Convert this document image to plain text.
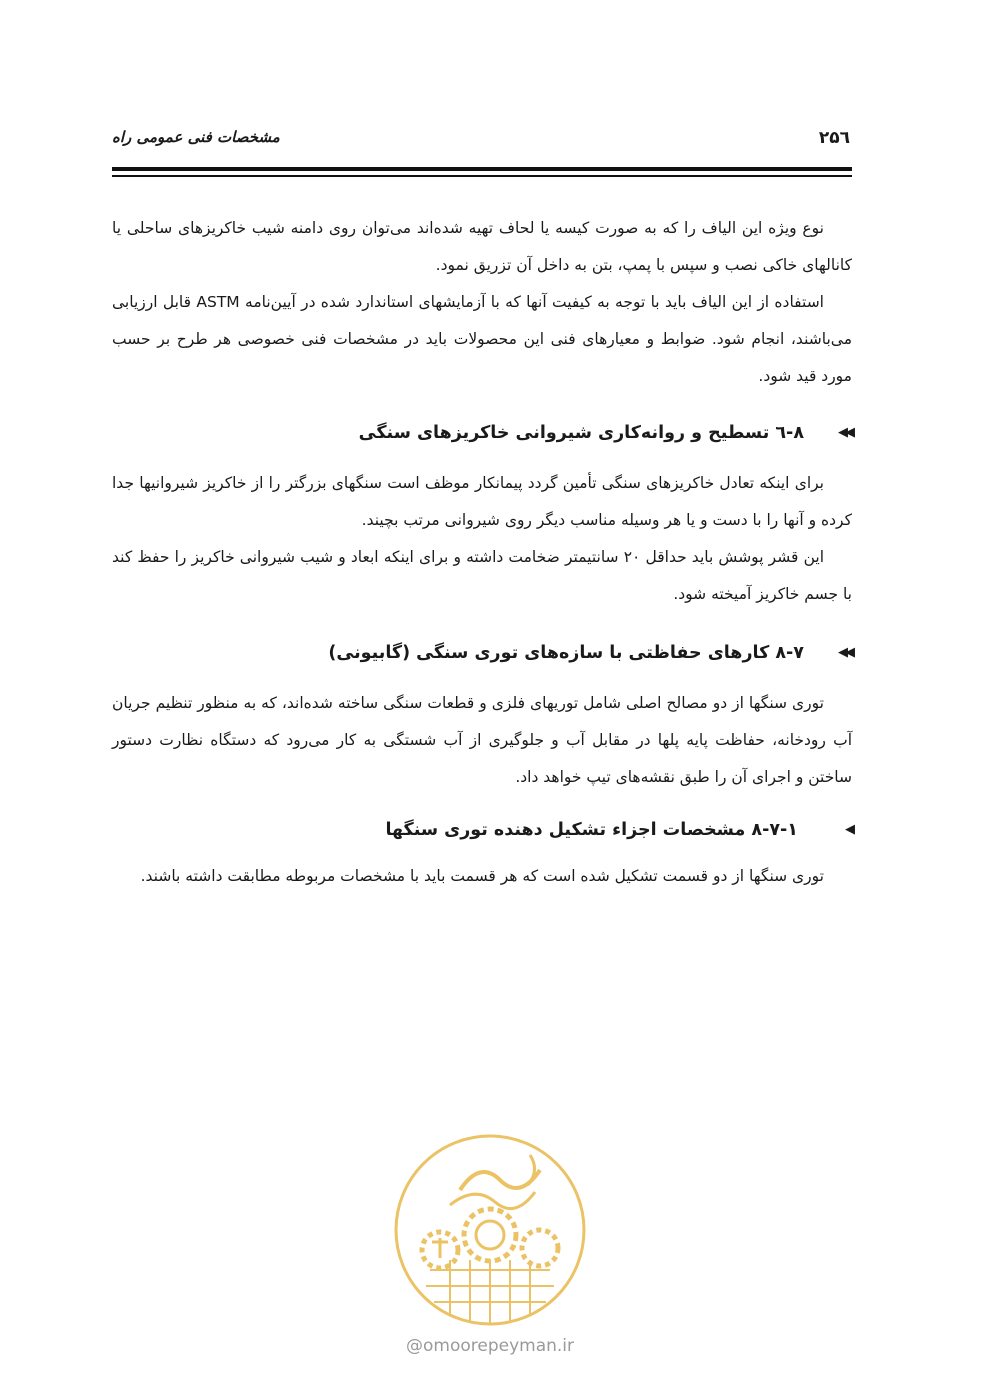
۲۵٦
مشخصات فنی عمومی راه

نوع ویژه این الیاف را که به صورت کیسه یا لحاف تهیه شده‌اند می‌توان روی دامنه شیب خاکریزهای ساحلی یا کانالهای خاکی نصب و سپس با پمپ، بتن به داخل آن تزریق نمود.

استفاده از این الیاف باید با توجه به کیفیت آنها که با آزمایشهای استاندارد شده در آیین‌نامه ASTM قابل ارزیابی می‌باشند، انجام شود. ضوابط و معیارهای فنی این محصولات باید در مشخصات فنی خصوصی هر طرح بر حسب مورد قید شود.

◀◀
۸-٦ تسطیح و روانه‌کاری شیروانی خاکریزهای سنگی

برای اینکه تعادل خاکریزهای سنگی تأمین گردد پیمانکار موظف است سنگهای بزرگتر را از خاکریز شیروانیها جدا کرده و آنها را با دست و یا هر وسیله مناسب دیگر روی شیروانی مرتب بچیند.

این قشر پوشش باید حداقل ۲۰ سانتیمتر ضخامت داشته و برای اینکه ابعاد و شیب شیروانی خاکریز را حفظ کند با جسم خاکریز آمیخته شود.

◀◀
۸-۷ کارهای حفاظتی با سازه‌های توری سنگی (گابیونی)

توری سنگها از دو مصالح اصلی شامل توریهای فلزی و قطعات سنگی ساخته شده‌اند، که به منظور تنظیم جریان آب رودخانه، حفاظت پایه پلها در مقابل آب و جلوگیری از آب شستگی به کار می‌رود که دستگاه نظارت دستور ساختن و اجرای آن را طبق نقشه‌های تیپ خواهد داد.

◀
۸-۷-۱ مشخصات اجزاء تشکیل دهنده توری سنگها

توری سنگها از دو قسمت تشکیل شده است که هر قسمت باید با مشخصات مربوطه مطابقت داشته باشند.

@omoorepeyman.ir
